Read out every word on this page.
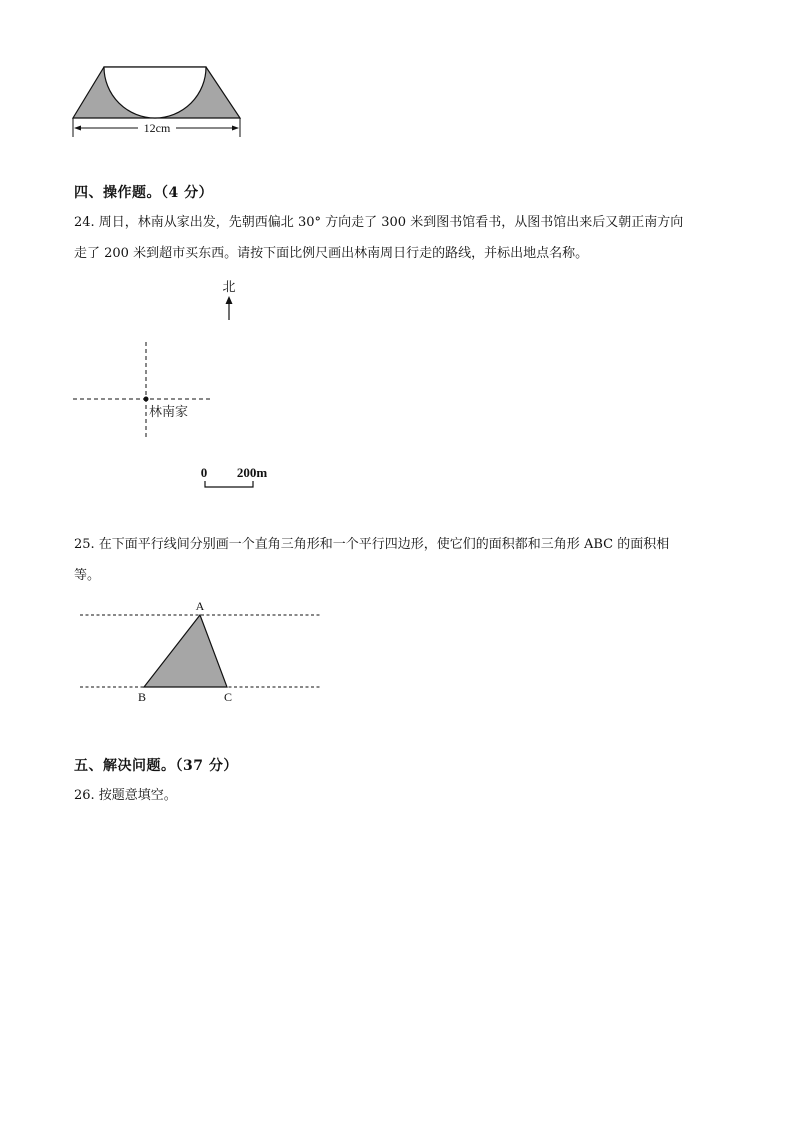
12cm
四、操作题。（4 分）
24. 周日，林南从家出发，先朝西偏北 30° 方向走了 300 米到图书馆看书，从图书馆出来后又朝正南方向
走了 200 米到超市买东西。请按下面比例尺画出林南周日行走的路线，并标出地点名称。
北
林南家
0 200m
25. 在下面平行线间分别画一个直角三角形和一个平行四边形，使它们的面积都和三角形 ABC 的面积相
等。
A
B	C
五、解决问题。（37 分）
26. 按题意填空。
